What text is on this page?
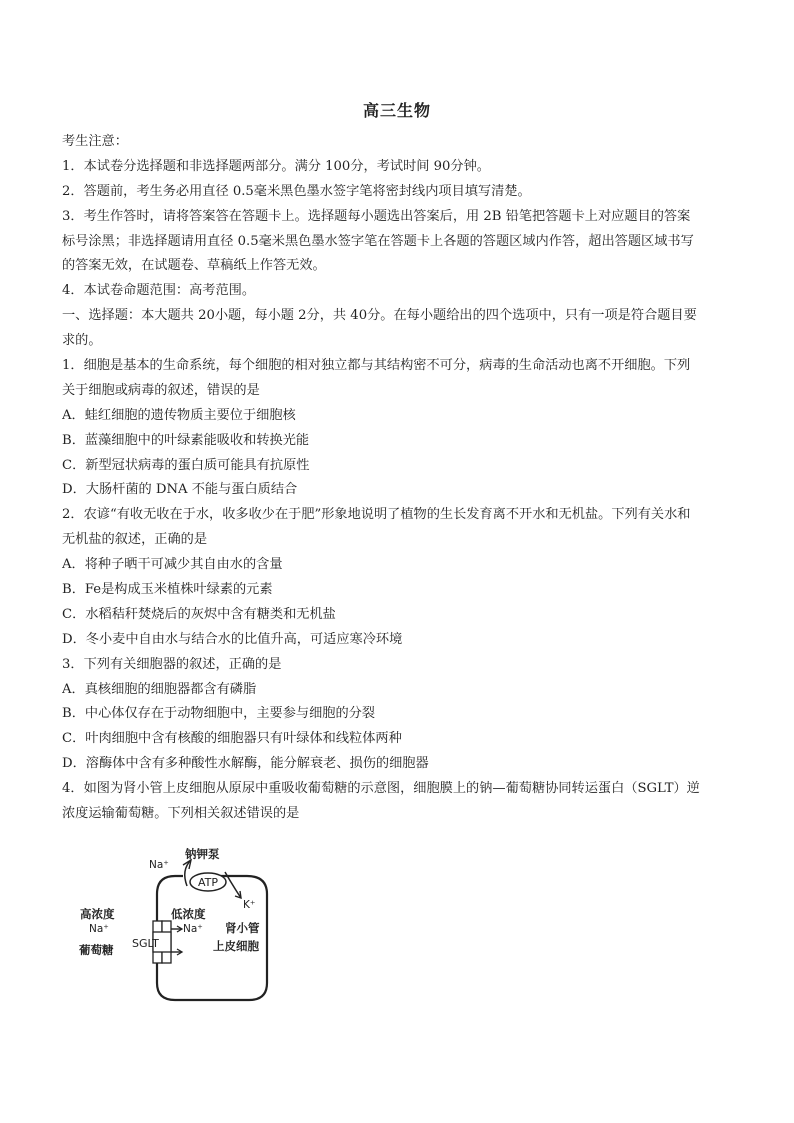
高三生物
考生注意：
1．本试卷分选择题和非选择题两部分。满分 100分，考试时间 90分钟。
2．答题前，考生务必用直径 0.5毫米黑色墨水签字笔将密封线内项目填写清楚。
3．考生作答时，请将答案答在答题卡上。选择题每小题选出答案后，用 2B 铅笔把答题卡上对应题目的答案
标号涂黑；非选择题请用直径 0.5毫米黑色墨水签字笔在答题卡上各题的答题区域内作答，超出答题区域书写
的答案无效，在试题卷、草稿纸上作答无效。
4．本试卷命题范围：高考范围。
一、选择题：本大题共 20小题，每小题 2分，共 40分。在每小题给出的四个选项中，只有一项是符合题目要
求的。
1．细胞是基本的生命系统，每个细胞的相对独立都与其结构密不可分，病毒的生命活动也离不开细胞。下列
关于细胞或病毒的叙述，错误的是
A．蛙红细胞的遗传物质主要位于细胞核
B．蓝藻细胞中的叶绿素能吸收和转换光能
C．新型冠状病毒的蛋白质可能具有抗原性
D．大肠杆菌的 DNA 不能与蛋白质结合
2．农谚“有收无收在于水，收多收少在于肥”形象地说明了植物的生长发育离不开水和无机盐。下列有关水和
无机盐的叙述，正确的是
A．将种子晒干可减少其自由水的含量
B．Fe是构成玉米植株叶绿素的元素
C．水稻秸秆焚烧后的灰烬中含有糖类和无机盐
D．冬小麦中自由水与结合水的比值升高，可适应寒冷环境
3．下列有关细胞器的叙述，正确的是
A．真核细胞的细胞器都含有磷脂
B．中心体仅存在于动物细胞中，主要参与细胞的分裂
C．叶肉细胞中含有核酸的细胞器只有叶绿体和线粒体两种
D．溶酶体中含有多种酸性水解酶，能分解衰老、损伤的细胞器
4．如图为肾小管上皮细胞从原尿中重吸收葡萄糖的示意图，细胞膜上的钠—葡萄糖协同转运蛋白（SGLT）逆
浓度运输葡萄糖。下列相关叙述错误的是
ATP
钠钾泵
Na⁺
K⁺
SGLT
高浓度
Na⁺
葡萄糖
低浓度
Na⁺ 肾小管
上皮细胞
